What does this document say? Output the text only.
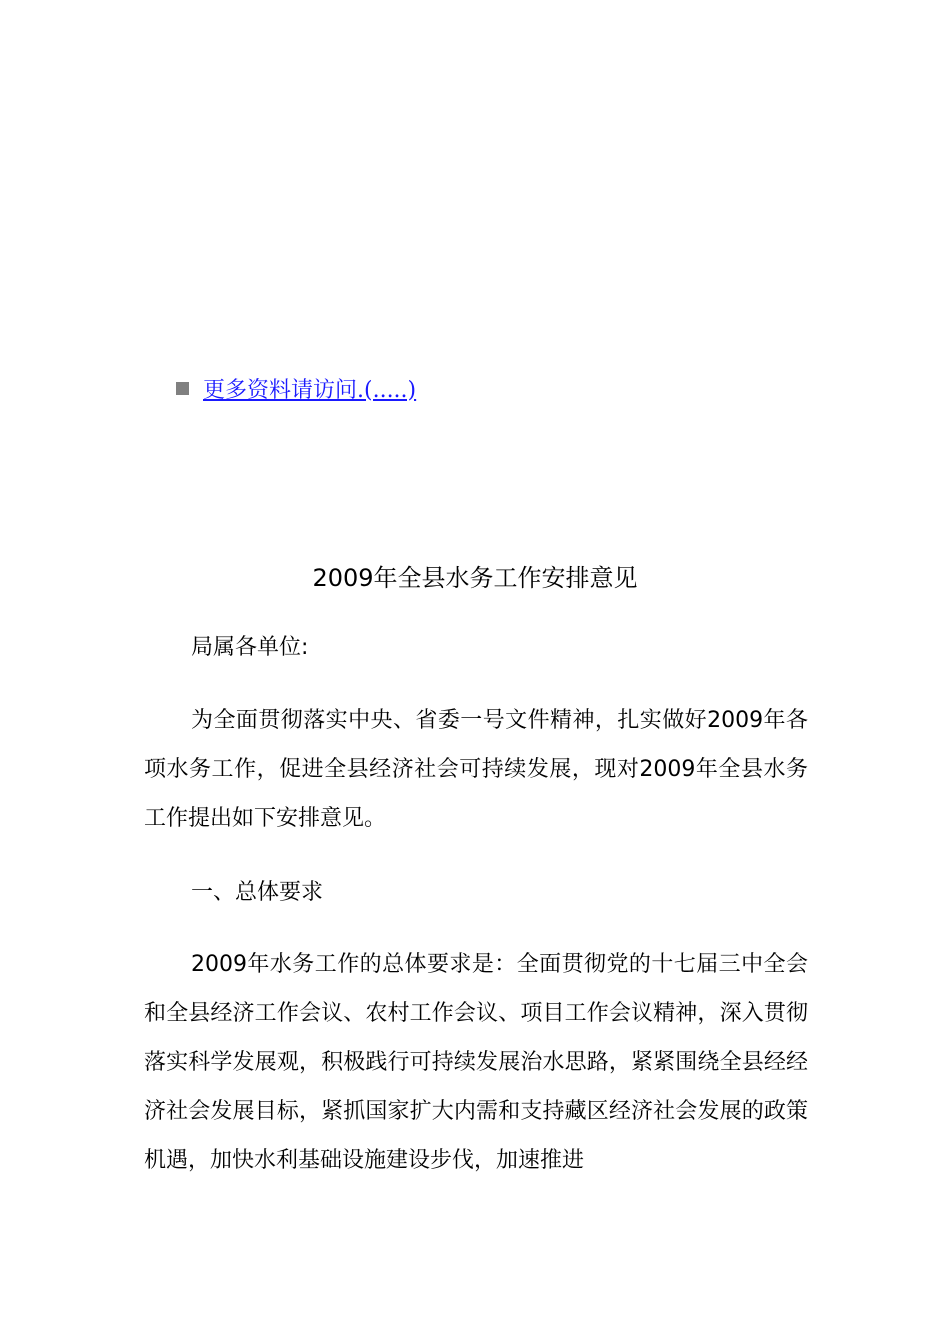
更多资料请访问.(.....)
2009年全县水务工作安排意见

局属各单位:

为全面贯彻落实中央、省委一号文件精神，扎实做好2009年各项水务工作，促进全县经济社会可持续发展，现对2009年全县水务工作提出如下安排意见。

一、总体要求

2009年水务工作的总体要求是：全面贯彻党的十七届三中全会和全县经济工作会议、农村工作会议、项目工作会议精神，深入贯彻落实科学发展观，积极践行可持续发展治水思路，紧紧围绕全县经经济社会发展目标，紧抓国家扩大内需和支持藏区经济社会发展的政策机遇，加快水利基础设施建设步伐，加速推进
